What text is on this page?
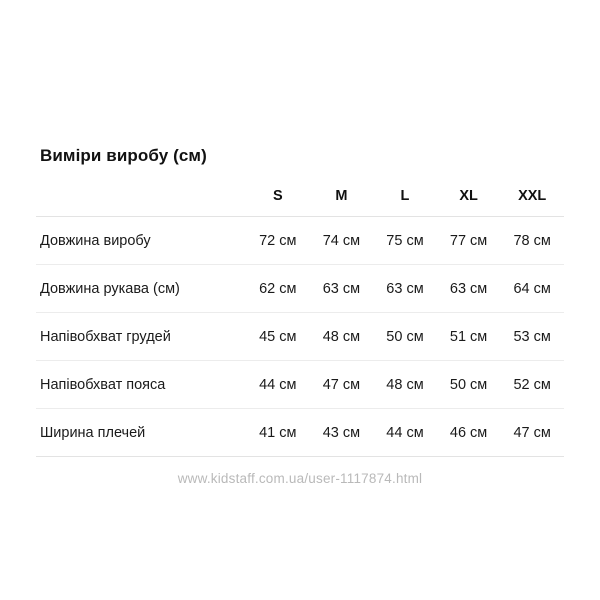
Виміри виробу (см)
	S	M	L	XL	XXL
Довжина виробу	72 см	74 см	75 см	77 см	78 см
Довжина рукава (см)	62 см	63 см	63 см	63 см	64 см
Напівобхват грудей	45 см	48 см	50 см	51 см	53 см
Напівобхват пояса	44 см	47 см	48 см	50 см	52 см
Ширина плечей	41 см	43 см	44 см	46 см	47 см
www.kidstaff.com.ua/user-1117874.html
